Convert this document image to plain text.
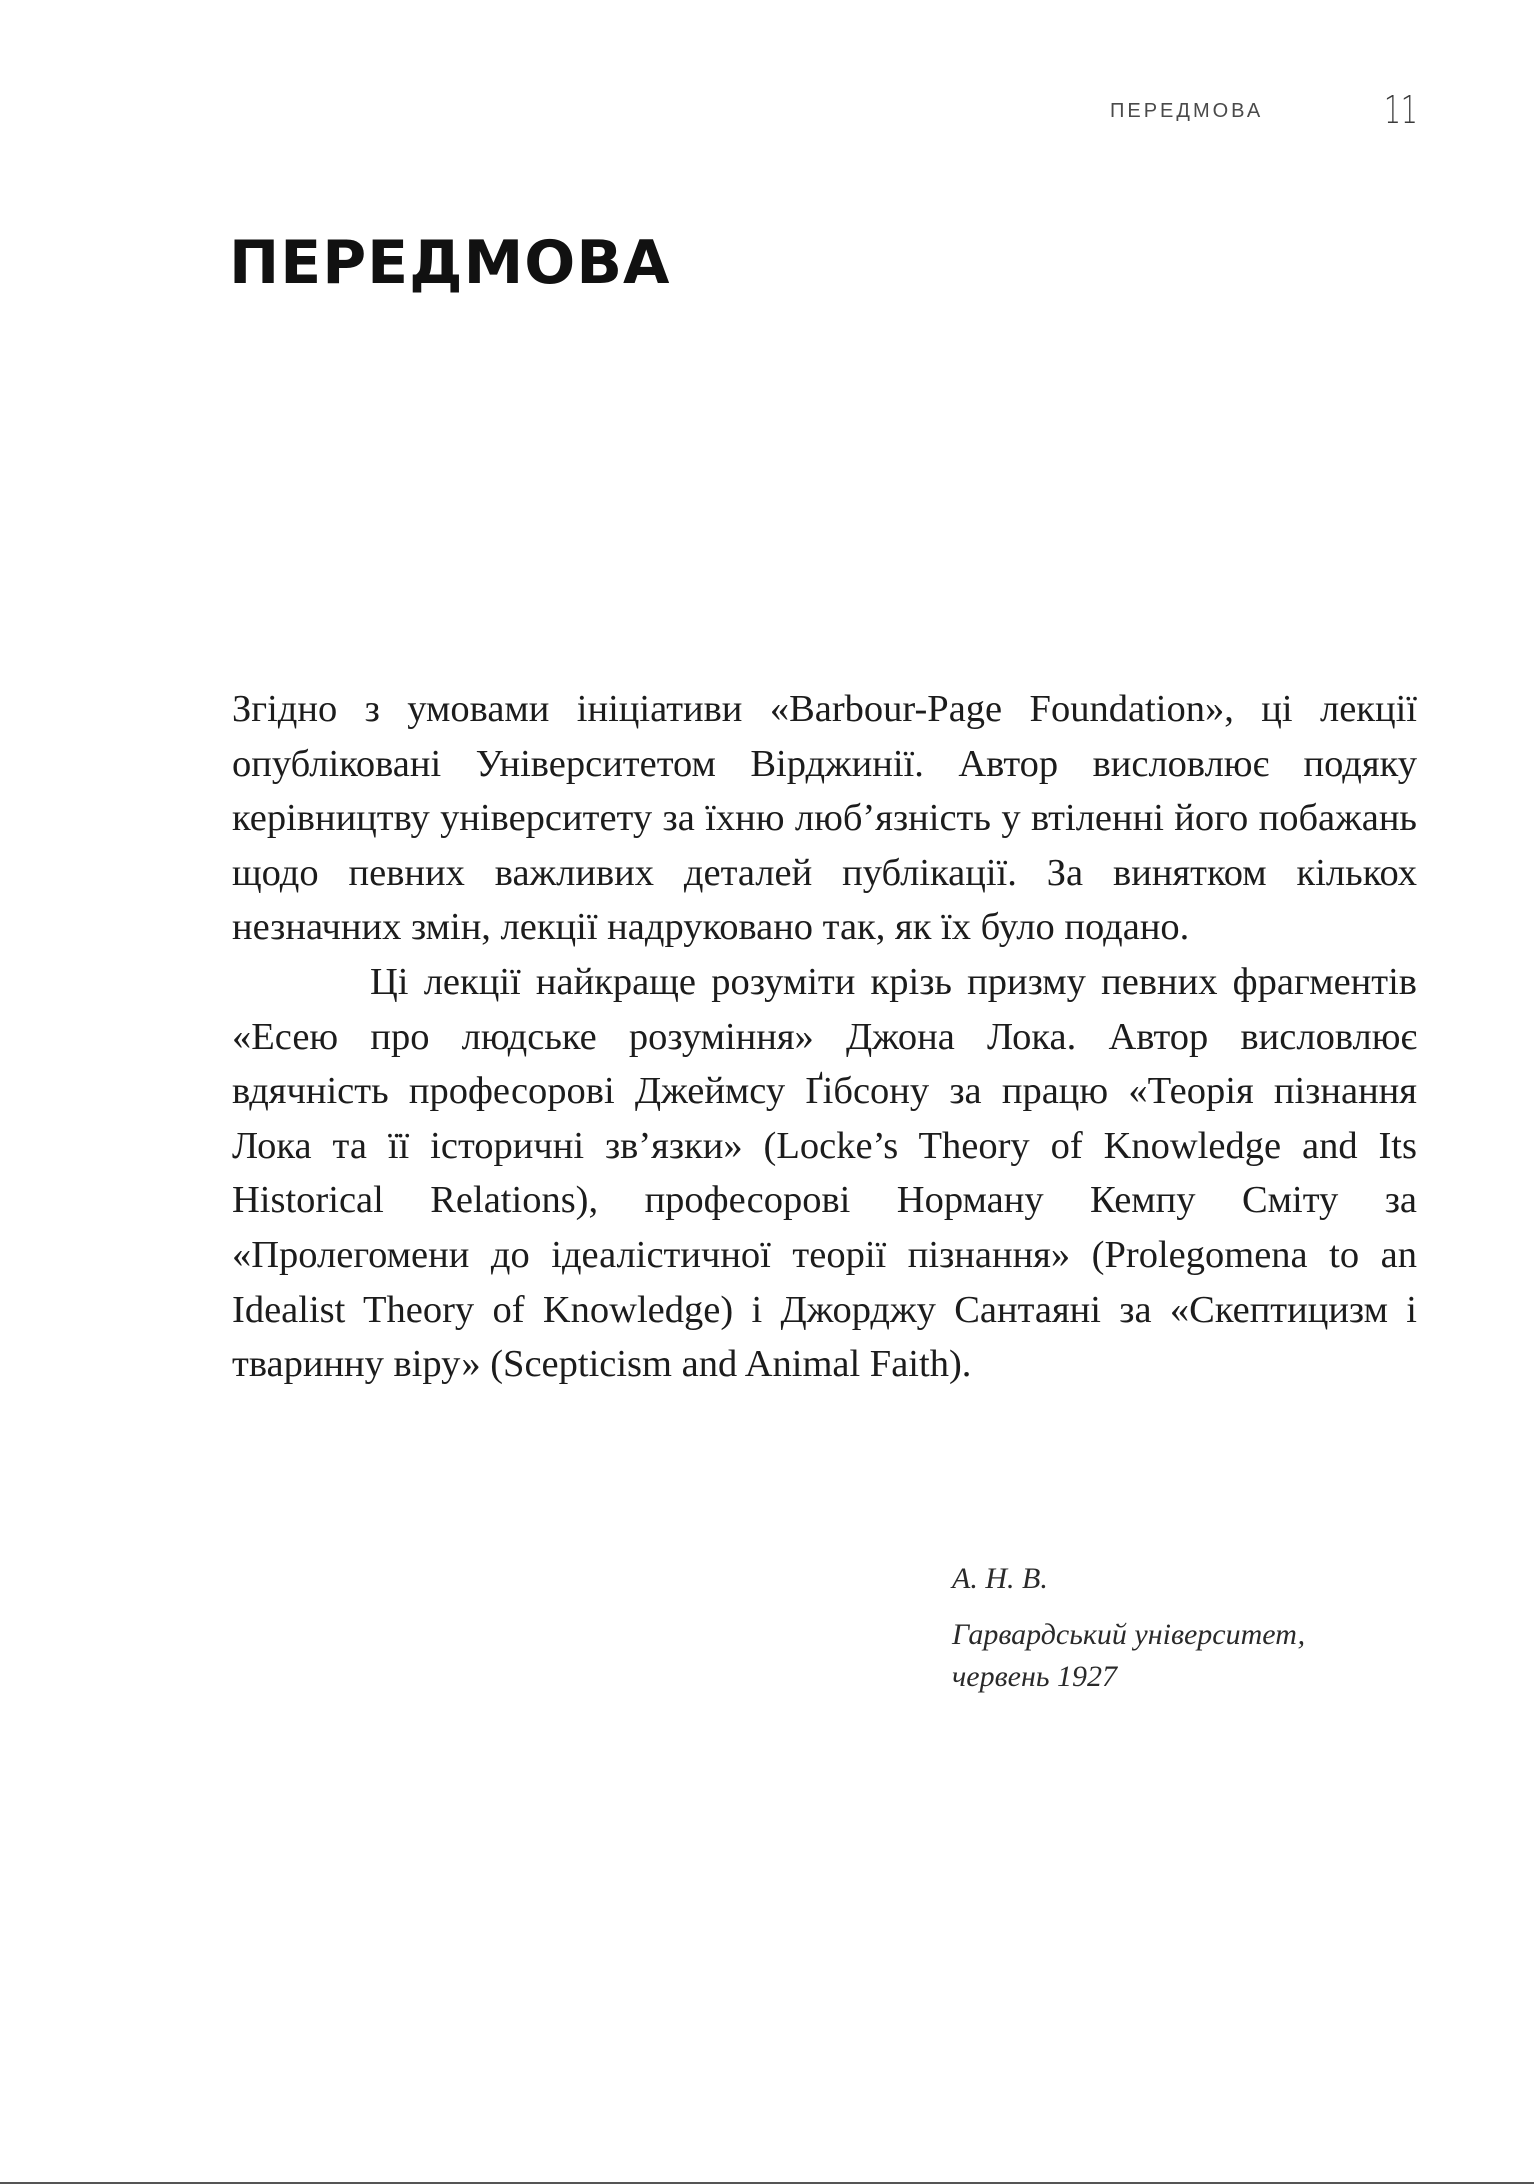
ПЕРЕДМОВА	11
ПЕРЕДМОВА

Згідно з умовами ініціативи «Barbour-Page Foundation», ці лекції опубліковані Університетом Вірджинії. Автор висловлює подяку керівництву університету за їхню люб’язність у втіленні його побажань щодо певних важливих деталей публікації. За винятком кількох незначних змін, лекції надруковано так, як їх було подано.

Ці лекції найкраще розуміти крізь призму певних фрагментів «Есею про людське розуміння» Джона Лока. Автор висловлює вдячність професорові Джеймсу Ґібсону за працю «Теорія пізнання Лока та її історичні зв’язки» (Locke’s Theory of Knowledge and Its Historical Relations), професорові Норману Кемпу Сміту за «Пролегомени до ідеалістичної теорії пізнання» (Prolegomena to an Idealist Theory of Knowledge) і Джорджу Сантаяні за «Скептицизм і тваринну віру» (Scepticism and Animal Faith).

А. Н. В.
Гарвардський університет,
червень 1927
